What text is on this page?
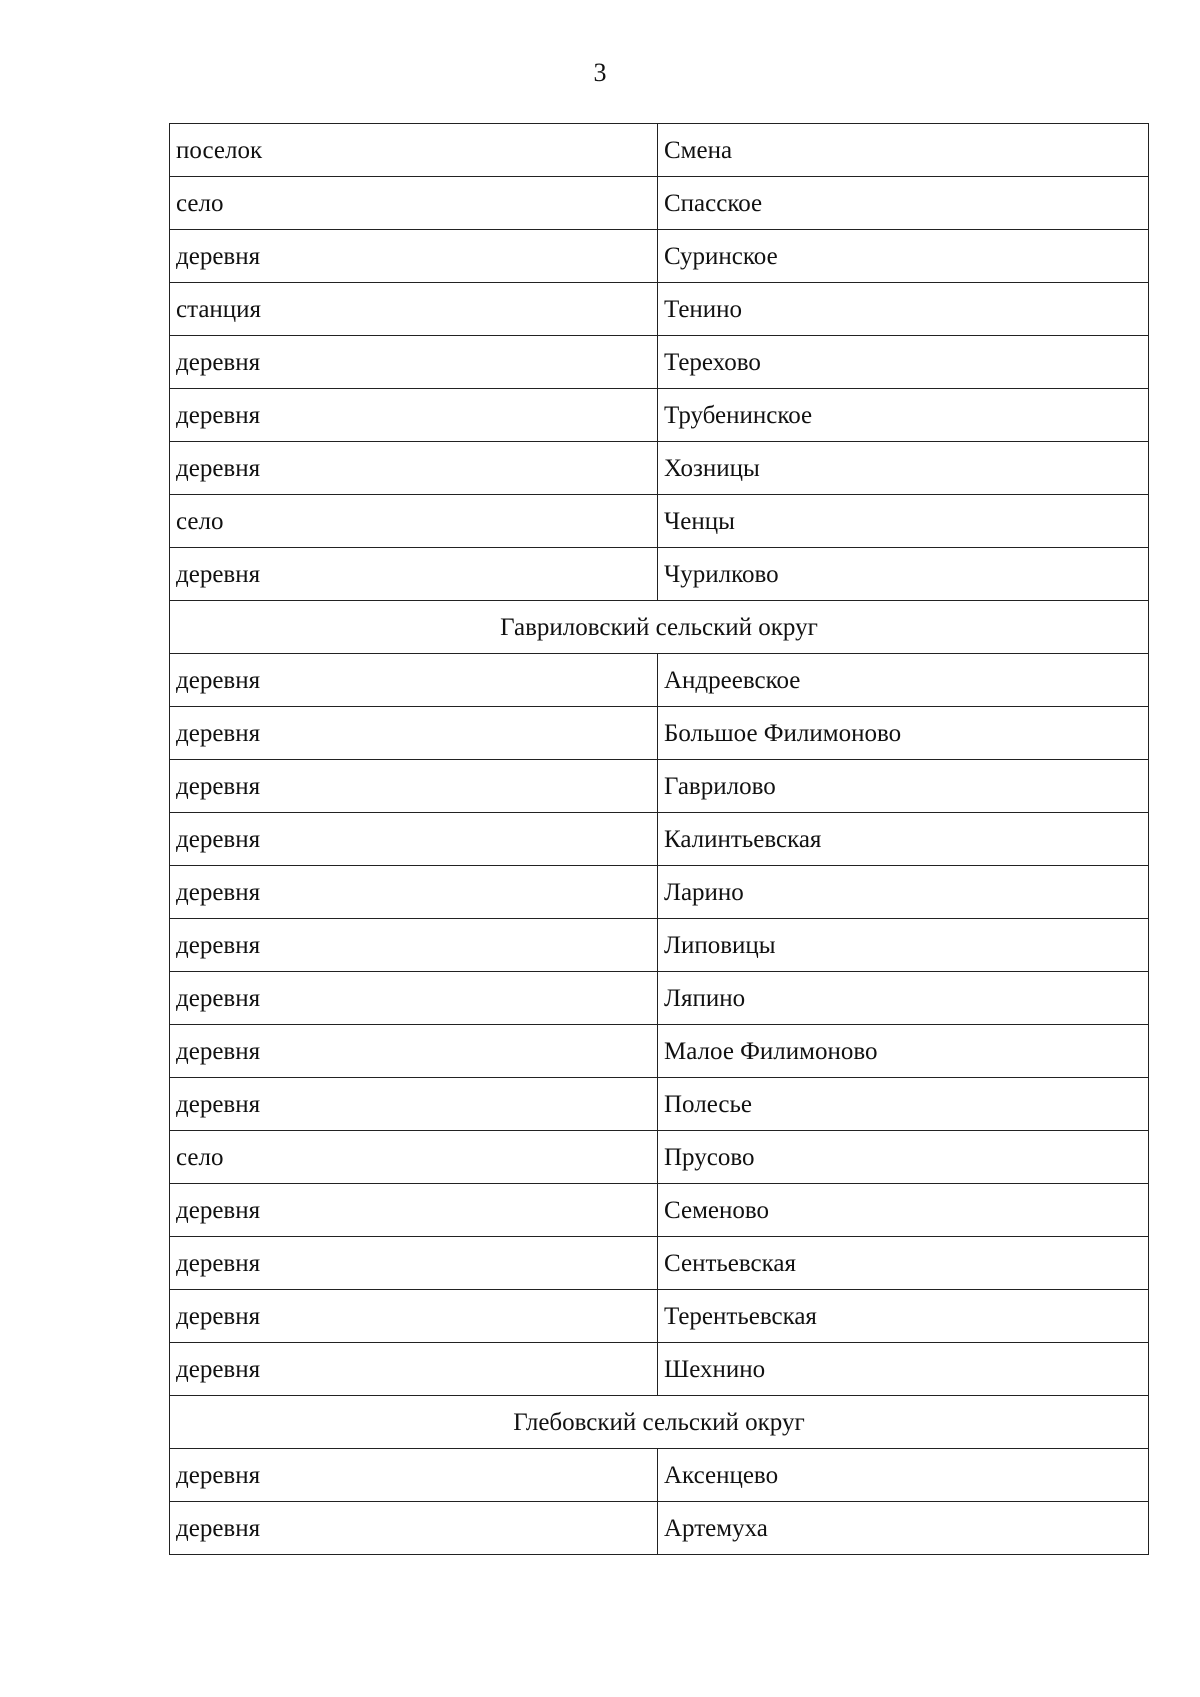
3
поселок	Смена
село	Спасское
деревня	Суринское
станция	Тенино
деревня	Терехово
деревня	Трубенинское
деревня	Хозницы
село	Ченцы
деревня	Чурилково
Гавриловский сельский округ	
деревня	Андреевское
деревня	Большое Филимоново
деревня	Гаврилово
деревня	Калинтьевская
деревня	Ларино
деревня	Липовицы
деревня	Ляпино
деревня	Малое Филимоново
деревня	Полесье
село	Прусово
деревня	Семеново
деревня	Сентьевская
деревня	Терентьевская
деревня	Шехнино
Глебовский сельский округ	
деревня	Аксенцево
деревня	Артемуха
